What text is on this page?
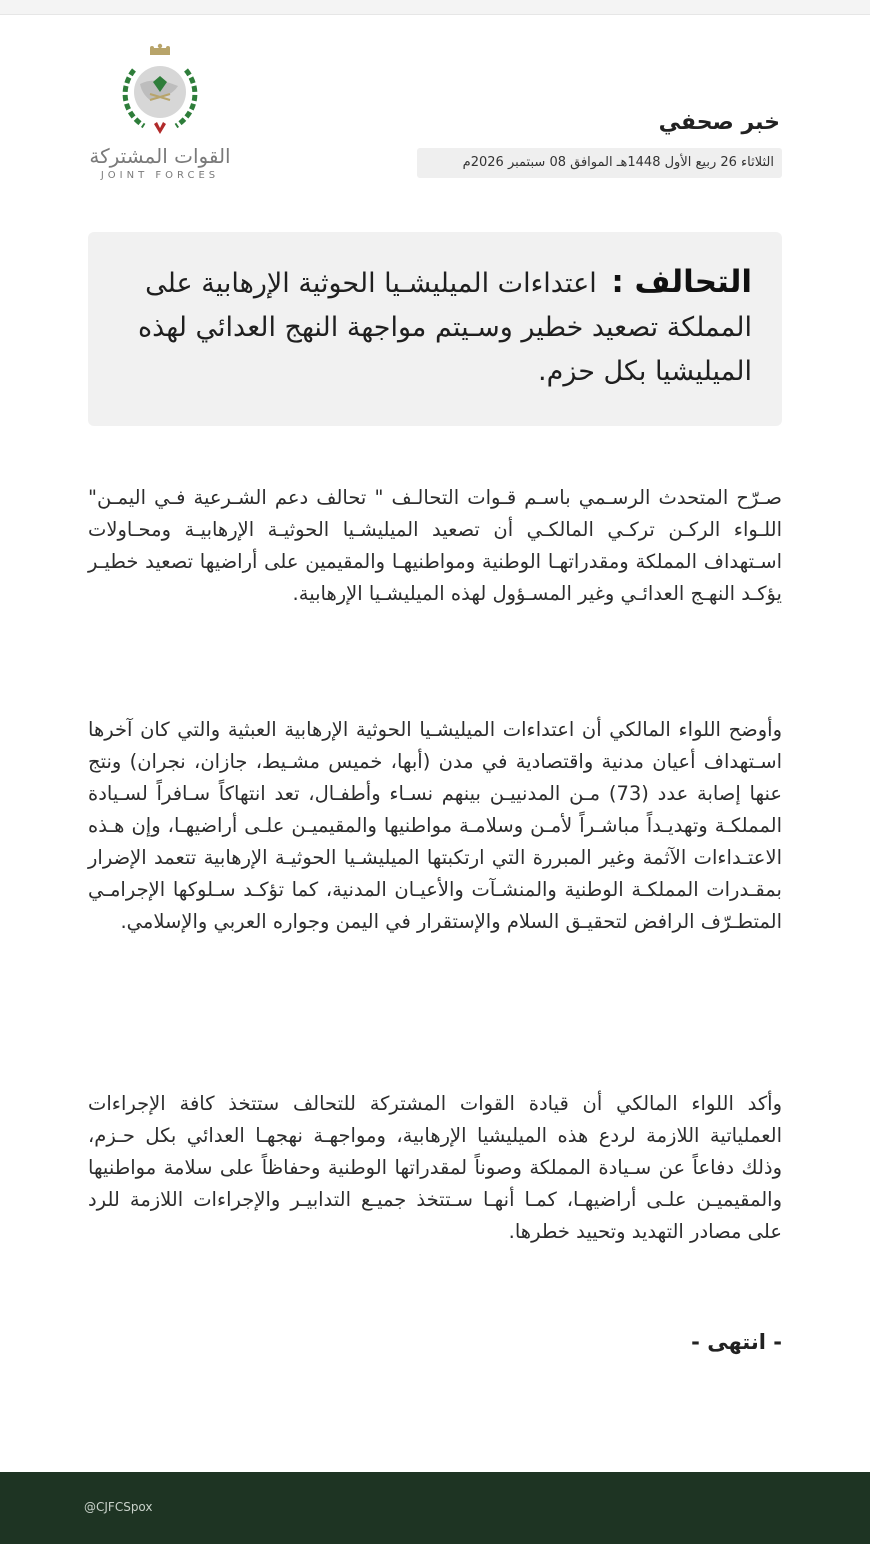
القوات المشتركة
JOINT FORCES
خبر صحفي
الثلاثاء 26 ربيع الأول 1448هـ الموافق 08 سبتمبر 2026م
التحالف : اعتداءات الميليشـيا الحوثية الإرهابية على المملكة تصعيد خطير وسـيتم مواجهة النهج العدائي لهذه الميليشيا بكل حزم.
صـرّح المتحدث الرسـمي باسـم قـوات التحالـف " تحالف دعم الشـرعية فـي اليمـن" اللـواء الركـن تركـي المالكـي أن تصعيد الميليشـيا الحوثيـة الإرهابيـة ومحـاولات اسـتهداف المملكة ومقدراتهـا الوطنية ومواطنيهـا والمقيمين على أراضيها تصعيد خطيـر يؤكـد النهـج العدائـي وغير المسـؤول لهذه الميليشـيا الإرهابية.
وأوضح اللواء المالكي أن اعتداءات الميليشـيا الحوثية الإرهابية العبثية والتي كان آخرها اسـتهداف أعيان مدنية واقتصادية في مدن (أبها، خميس مشـيط، جازان، نجران) ونتج عنها إصابة عدد (73) مـن المدنييـن بينهم نسـاء وأطفـال، تعد انتهاكاً سـافراً لسـيادة المملكـة وتهديـداً مباشـراً لأمـن وسلامـة مواطنيها والمقيميـن علـى أراضيهـا، وإن هـذه الاعتـداءات الآثمة وغير المبررة التي ارتكبتها الميليشـيا الحوثيـة الإرهابية تتعمد الإضرار بمقـدرات المملكـة الوطنية والمنشـآت والأعيـان المدنية، كما تؤكـد سـلوكها الإجرامـي المتطـرّف الرافض لتحقيـق السلام والإستقرار في اليمن وجواره العربي والإسلامي.
وأكد اللواء المالكي أن قيادة القوات المشتركة للتحالف ستتخذ كافة الإجراءات العملياتية اللازمة لردع هذه الميليشيا الإرهابية، ومواجهـة نهجهـا العدائي بكل حـزم، وذلك دفاعاً عن سـيادة المملكة وصوناً لمقدراتها الوطنية وحفاظاً على سلامة مواطنيها والمقيميـن علـى أراضيهـا، كمـا أنهـا سـتتخذ جميـع التدابيـر والإجراءات اللازمة للرد على مصادر التهديد وتحييد خطرها.
- انتهى -
@CJFCSpox
